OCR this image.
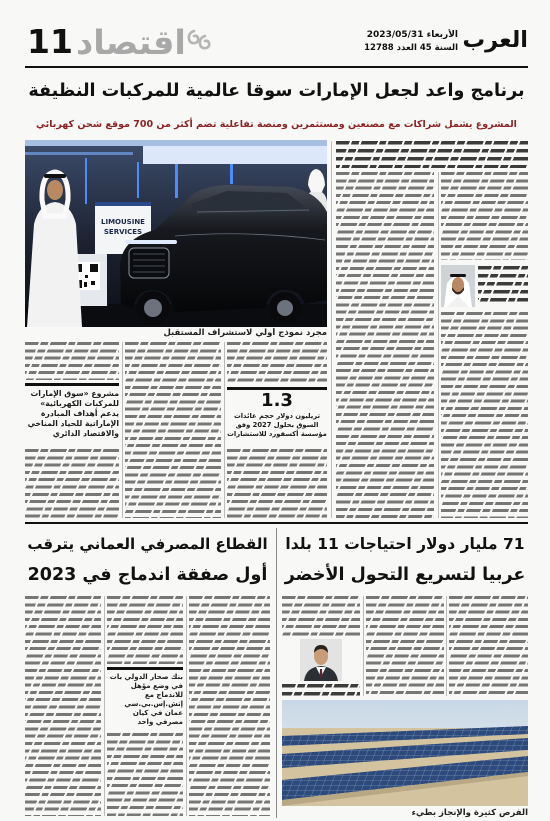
العرب
الأربعاء 2023/05/31
السنة 45 العدد 12788
11 اقتصاد
برنامج واعد لجعل الإمارات سوقا عالمية للمركبات النظيفة
المشروع يشمل شراكات مع مصنعين ومستثمرين ومنصة تفاعلية تضم أكثر من 700 موقع شحن كهربائي
LIMOUSINE
SERVICES
مجرد نموذج أولي لاستشراف المستقبل
مشروع «سوق الإمارات للمركبات الكهربائية» يدعم أهداف المبادرة الإماراتية للحياد المناخي والاقتصاد الدائري
1.3
تريليون دولار حجم عائدات السوق بحلول 2027 وفق مؤسسة أكسفورد للاستشارات
القطاع المصرفي العماني يترقب
أول صفقة اندماج في 2023
بنك صحار الدولي بات في وضع مؤهل للاندماج مع إتش.إس.بي.سي عمان في كيان مصرفي واحد
71 مليار دولار احتياجات 11 بلدا
عربيا لتسريع التحول الأخضر
الفرص كثيرة والإنجاز بطيء
